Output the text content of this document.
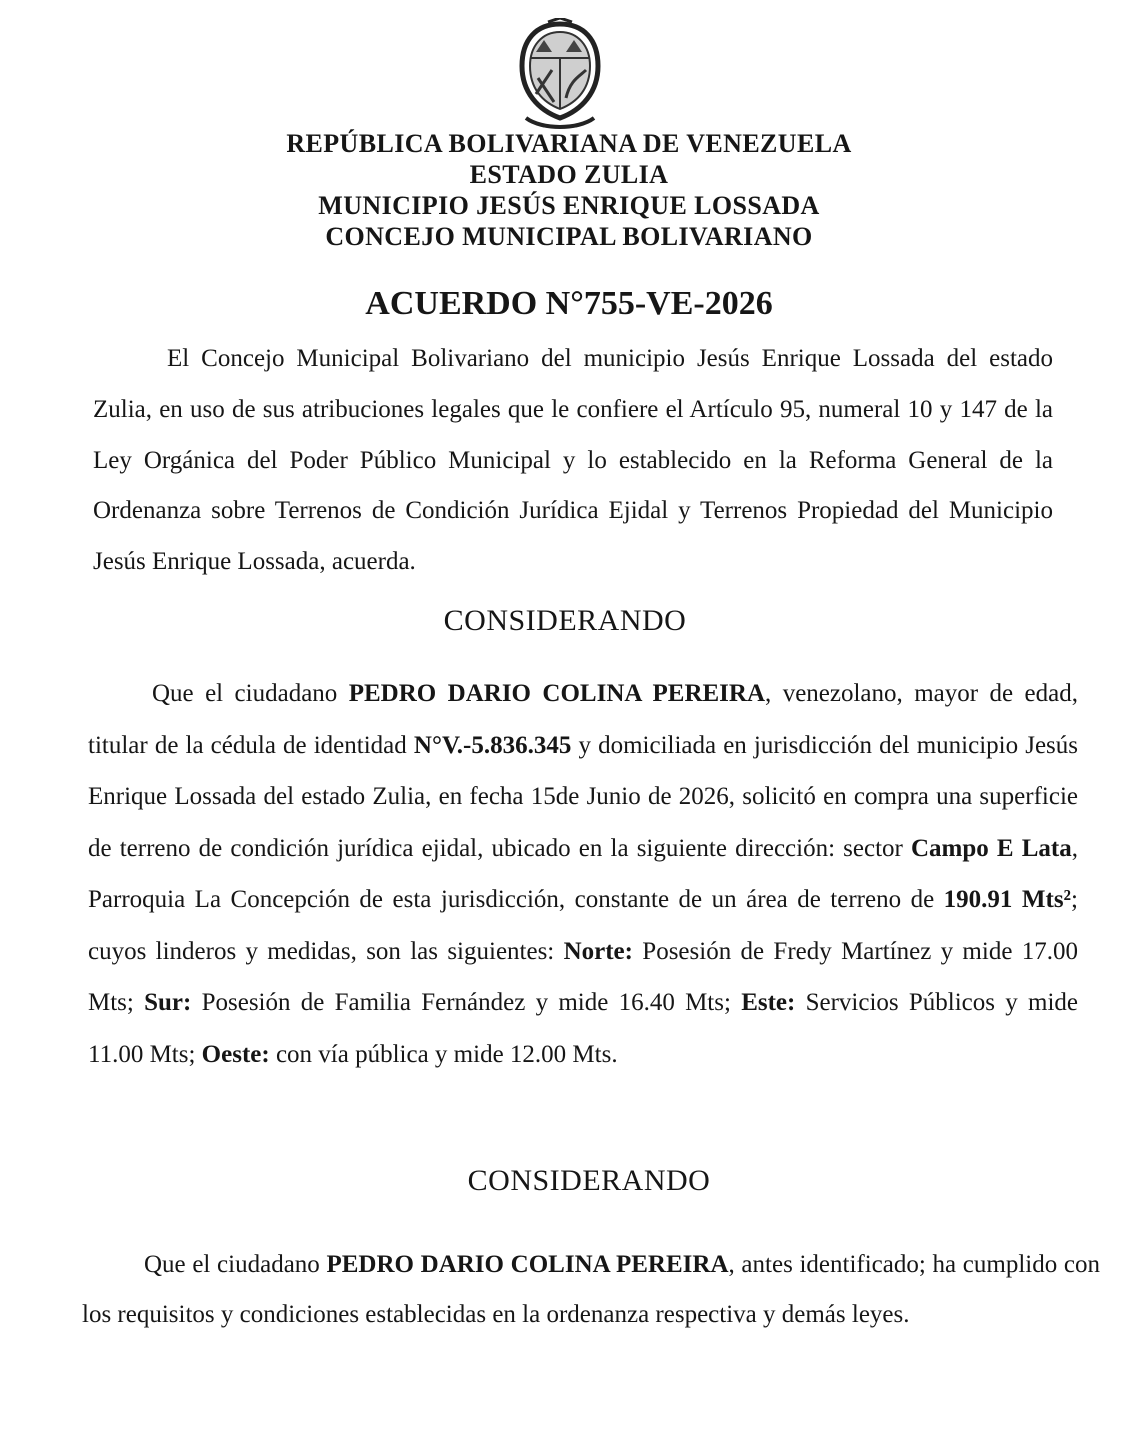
REPÚBLICA BOLIVARIANA DE VENEZUELA
ESTADO ZULIA
MUNICIPIO JESÚS ENRIQUE LOSSADA
CONCEJO MUNICIPAL BOLIVARIANO
ACUERDO N°755-VE-2026
El Concejo Municipal Bolivariano del municipio Jesús Enrique Lossada del estado Zulia, en uso de sus atribuciones legales que le confiere el Artículo 95, numeral 10 y 147 de la Ley Orgánica del Poder Público Municipal y lo establecido en la Reforma General de la Ordenanza sobre Terrenos de Condición Jurídica Ejidal y Terrenos Propiedad del Municipio Jesús Enrique Lossada, acuerda.
CONSIDERANDO
Que el ciudadano PEDRO DARIO COLINA PEREIRA, venezolano, mayor de edad, titular de la cédula de identidad N°V.-5.836.345 y domiciliada en jurisdicción del municipio Jesús Enrique Lossada del estado Zulia, en fecha 15de Junio de 2026, solicitó en compra una superficie de terreno de condición jurídica ejidal, ubicado en la siguiente dirección: sector Campo E Lata, Parroquia La Concepción de esta jurisdicción, constante de un área de terreno de 190.91 Mts²; cuyos linderos y medidas, son las siguientes: Norte: Posesión de Fredy Martínez y mide 17.00 Mts; Sur: Posesión de Familia Fernández y mide 16.40 Mts; Este: Servicios Públicos y mide 11.00 Mts; Oeste: con vía pública y mide 12.00 Mts.
CONSIDERANDO
Que el ciudadano PEDRO DARIO COLINA PEREIRA, antes identificado; ha cumplido con los requisitos y condiciones establecidas en la ordenanza respectiva y demás leyes.
